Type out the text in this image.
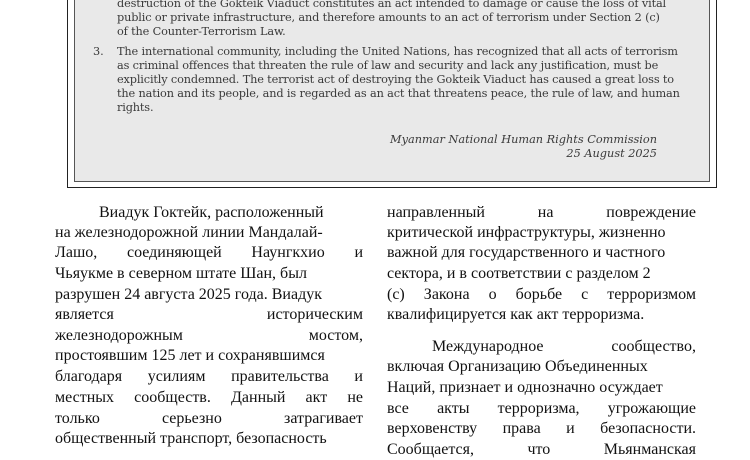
destruction of the Gokteik Viaduct constitutes an act intended to damage or cause the loss of vital
public or private infrastructure, and therefore amounts to an act of terrorism under Section 2 (c)
of the Counter-Terrorism Law.
3. The international community, including the United Nations, has recognized that all acts of terrorism
as criminal offences that threaten the rule of law and security and lack any justification, must be
explicitly condemned. The terrorist act of destroying the Gokteik Viaduct has caused a great loss to
the nation and its people, and is regarded as an act that threatens peace, the rule of law, and human
rights.
Myanmar National Human Rights Commission
25 August 2025
Виадук Гоктейк, расположенный
на железнодорожной линии Мандалай-
Лашо, соединяющей Наунгкхио и
Чьяукме в северном штате Шан, был
разрушен 24 августа 2025 года. Виадук
является историческим
железнодорожным мостом,
простоявшим 125 лет и сохранявшимся
благодаря усилиям правительства и
местных сообществ. Данный акт не
только серьезно затрагивает
общественный транспорт, безопасность
направленный на повреждение
критической инфраструктуры, жизненно
важной для государственного и частного
сектора, и в соответствии с разделом 2
(с) Закона о борьбе с терроризмом
квалифицируется как акт терроризма.
Международное сообщество,
включая Организацию Объединенных
Наций, признает и однозначно осуждает
все акты терроризма, угрожающие
верховенству права и безопасности.
Сообщается, что Мьянманская
